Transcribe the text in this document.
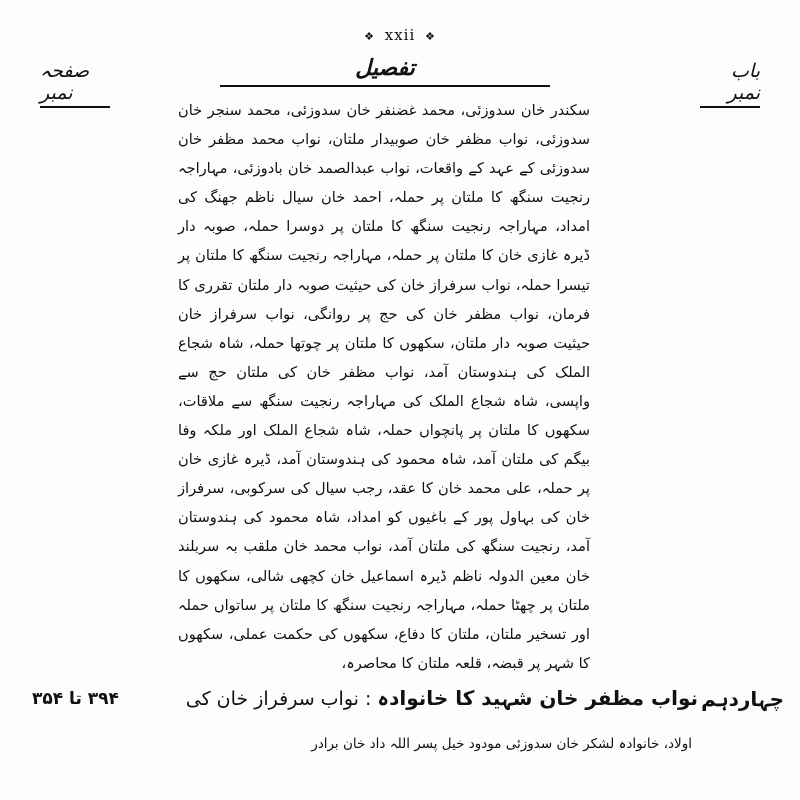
❖ xxii ❖
باب نمبر
تفصیل
صفحہ نمبر

سکندر خان سدوزئی، محمد غضنفر خان سدوزئی، محمد سنجر خان سدوزئی، نواب مظفر خان صوبیدار ملتان، نواب محمد مظفر خان سدوزئی کے عہد کے واقعات، نواب عبدالصمد خان بادوزئی، مہاراجہ رنجیت سنگھ کا ملتان پر حملہ، احمد خان سیال ناظم جھنگ کی امداد، مہاراجہ رنجیت سنگھ کا ملتان پر دوسرا حملہ، صوبہ دار ڈیرہ غازی خان کا ملتان پر حملہ، مہاراجہ رنجیت سنگھ کا ملتان پر تیسرا حملہ، نواب سرفراز خان کی حیثیت صوبہ دار ملتان تقرری کا فرمان، نواب مظفر خان کی حج پر روانگی، نواب سرفراز خان حیثیت صوبہ دار ملتان، سکھوں کا ملتان پر چوتھا حملہ، شاہ شجاع الملک کی ہندوستان آمد، نواب مظفر خان کی ملتان حج سے واپسی، شاہ شجاع الملک کی مہاراجہ رنجیت سنگھ سے ملاقات، سکھوں کا ملتان پر پانچواں حملہ، شاہ شجاع الملک اور ملکہ وفا بیگم کی ملتان آمد، شاہ محمود کی ہندوستان آمد، ڈیرہ غازی خان پر حملہ، علی محمد خان کا عقد، رجب سیال کی سرکوبی، سرفراز خان کی بہاول پور کے باغیوں کو امداد، شاہ محمود کی ہندوستان آمد، رنجیت سنگھ کی ملتان آمد، نواب محمد خان ملقب بہ سربلند خان معین الدولہ ناظم ڈیرہ اسماعیل خان کچھی شالی، سکھوں کا ملتان پر چھٹا حملہ، مہاراجہ رنجیت سنگھ کا ملتان پر ساتواں حملہ اور تسخیر ملتان، ملتان کا دفاع، سکھوں کی حکمت عملی، سکھوں کا شہر پر قبضہ، قلعہ ملتان کا محاصرہ،

چہاردہم
نواب مظفر خان شہید کا خانوادہ : نواب سرفراز خان کی
۳۹۴ تا ۳۵۴
اولاد، خانوادہ لشکر خان سدوزئی مودود خیل پسر اللہ داد خان برادر
